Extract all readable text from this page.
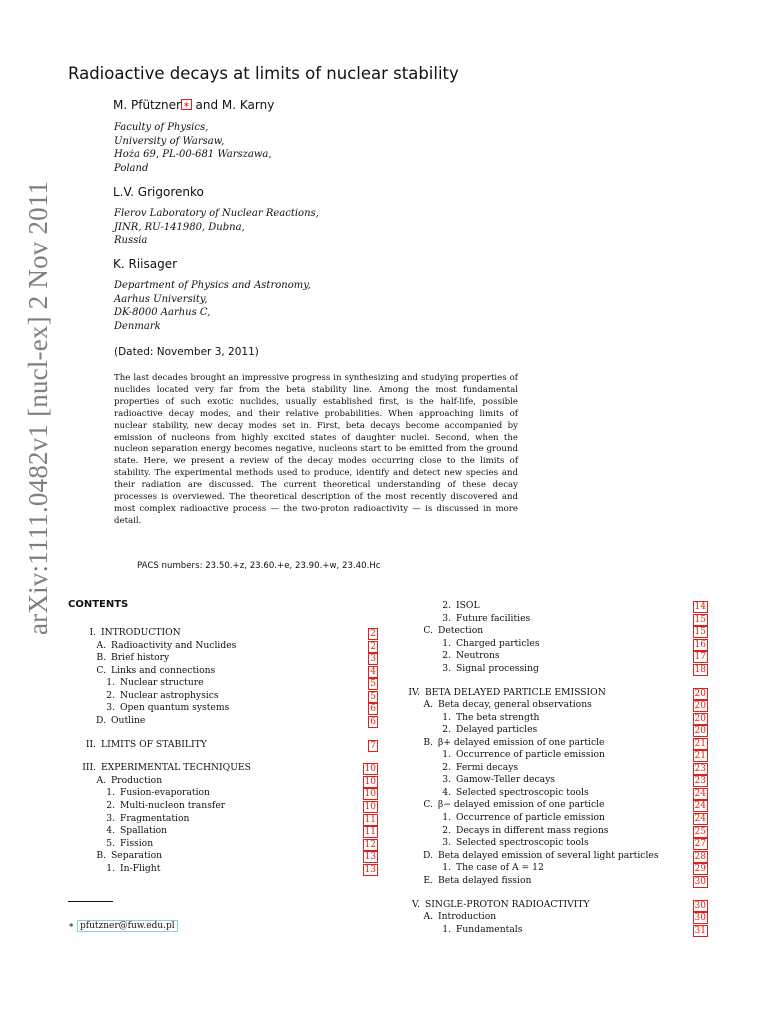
arXiv:1111.0482v1 [nucl-ex] 2 Nov 2011
Radioactive decays at limits of nuclear stability
M. Pfützner ∗ and M. Karny
Faculty of Physics,
University of Warsaw,
Hoża 69, PL-00-681 Warszawa,
Poland
L.V. Grigorenko
Flerov Laboratory of Nuclear Reactions,
JINR, RU-141980, Dubna,
Russia
K. Riisager
Department of Physics and Astronomy,
Aarhus University,
DK-8000 Aarhus C,
Denmark
(Dated: November 3, 2011)
The last decades brought an impressive progress in synthesizing and studying properties of nuclides located very far from the beta stability line. Among the most fundamental properties of such exotic nuclides, usually established first, is the half-life, possible radioactive decay modes, and their relative probabilities. When approaching limits of nuclear stability, new decay modes set in. First, beta decays become accompanied by emission of nucleons from highly excited states of daughter nuclei. Second, when the nucleon separation energy becomes negative, nucleons start to be emitted from the ground state. Here, we present a review of the decay modes occurring close to the limits of stability. The experimental methods used to produce, identify and detect new species and their radiation are discussed. The current theoretical understanding of these decay processes is overviewed. The theoretical description of the most recently discovered and most complex radioactive process — the two-proton radioactivity — is discussed in more detail.
PACS numbers: 23.50.+z, 23.60.+e, 23.90.+w, 23.40.Hc
CONTENTS
I. INTRODUCTION	2
A. Radioactivity and Nuclides	2
B. Brief history	3
C. Links and connections	4
1. Nuclear structure	5
2. Nuclear astrophysics	5
3. Open quantum systems	6
D. Outline	6
II. LIMITS OF STABILITY	7
III. EXPERIMENTAL TECHNIQUES	10
A. Production	10
1. Fusion-evaporation	10
2. Multi-nucleon transfer	10
3. Fragmentation	11
4. Spallation	11
5. Fission	12
B. Separation	13
1. In-Flight	13
2. ISOL	14
3. Future facilities	15
C. Detection	15
1. Charged particles	16
2. Neutrons	17
3. Signal processing	18
IV. BETA DELAYED PARTICLE EMISSION	20
A. Beta decay, general observations	20
1. The beta strength	20
2. Delayed particles	20
B. β+ delayed emission of one particle	21
1. Occurrence of particle emission	21
2. Fermi decays	23
3. Gamow-Teller decays	23
4. Selected spectroscopic tools	24
C. β− delayed emission of one particle	24
1. Occurrence of particle emission	24
2. Decays in different mass regions	25
3. Selected spectroscopic tools	27
D. Beta delayed emission of several light particles	28
1. The case of A = 12	29
E. Beta delayed fission	30
V. SINGLE-PROTON RADIOACTIVITY	30
A. Introduction	30
1. Fundamentals	31
∗ pfutzner@fuw.edu.pl
